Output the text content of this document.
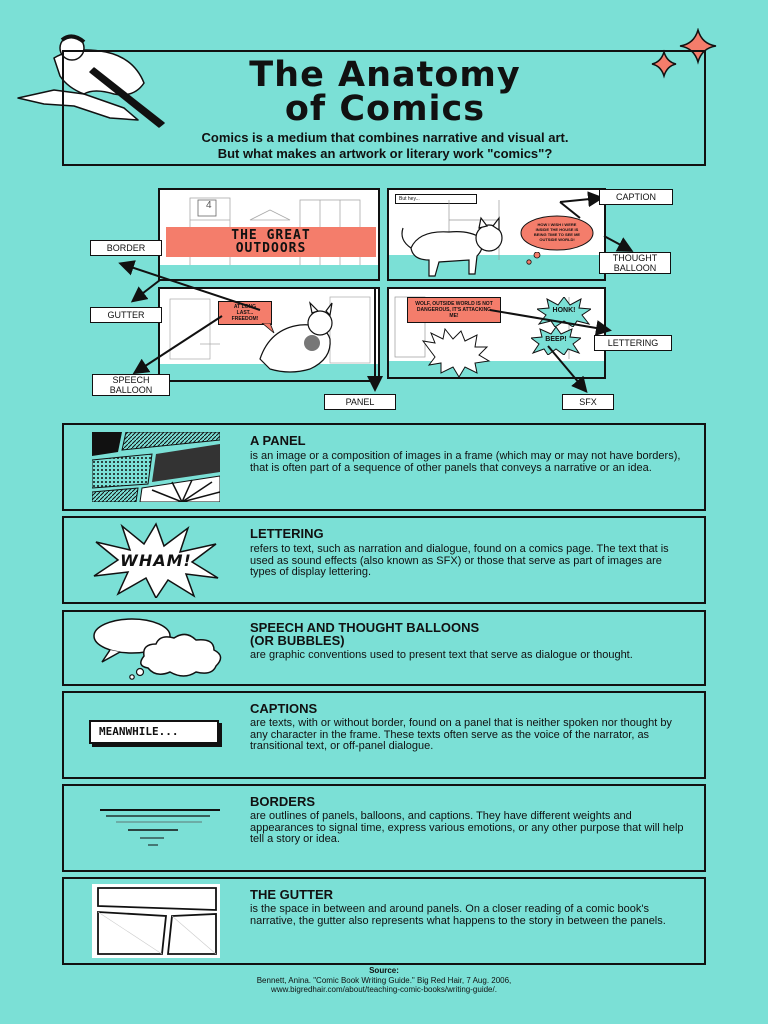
The Anatomy
of Comics
Comics is a medium that combines narrative and visual art.
But what makes an artwork or literary work "comics"?
4
THE GREAT
OUTDOORS
But hey...
HOW I WISH I WERE INSIDE THE HOUSE IS BEING TIME TO SEE ME OUTSIDE WORLD!
AT LONG LAST... FREEDOM!
WOLF, OUTSIDE WORLD IS NOT DANGEROUS, IT'S ATTACKING ME!
HONK!
BEEP!
BORDER
GUTTER
SPEECH
BALLOON
PANEL
CAPTION
THOUGHT
BALLOON
LETTERING
SFX
A PANEL
is an image or a composition of images in a frame (which may or may not have borders), that is often part of a sequence of other panels that conveys a narrative or an idea.
WHAM!
LETTERING
refers to text, such as narration and dialogue, found on a comics page. The text that is used as sound effects (also known as SFX) or those that serve as part of images are types of display lettering.
SPEECH AND THOUGHT BALLOONS
(OR BUBBLES)
are graphic conventions used to present text that serve as dialogue or thought.
MEANWHILE...
CAPTIONS
are texts, with or without border, found on a panel that is neither spoken nor thought by any character in the frame. These texts often serve as the voice of the narrator, as transitional text, or off-panel dialogue.
BORDERS
are outlines of panels, balloons, and captions. They have different weights and appearances to signal time, express various emotions, or any other purpose that will help tell a story or idea.
THE GUTTER
is the space in between and around panels. On a closer reading of a comic book's narrative, the gutter also represents what happens to the story in between the panels.
Source:
Bennett, Anina. "Comic Book Writing Guide." Big Red Hair, 7 Aug. 2006,
www.bigredhair.com/about/teaching-comic-books/writing-guide/.
